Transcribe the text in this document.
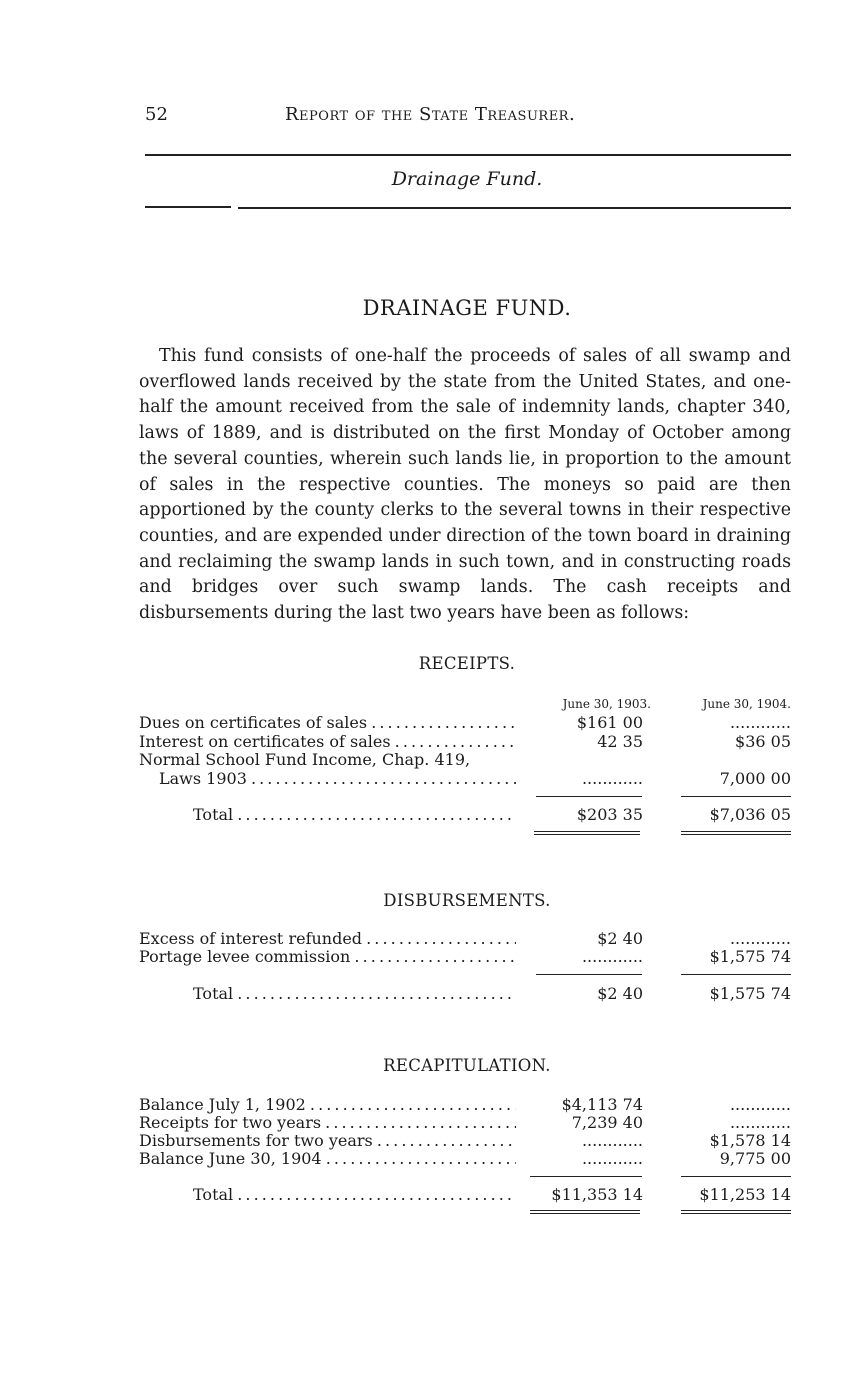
52	Report of the State Treasurer.
Drainage Fund.
DRAINAGE FUND.

This fund consists of one-half the proceeds of sales of all swamp and overflowed lands received by the state from the United States, and one-half the amount received from the sale of indemnity lands, chapter 340, laws of 1889, and is distributed on the first Monday of October among the several counties, wherein such lands lie, in proportion to the amount of sales in the respective counties. The moneys so paid are then apportioned by the county clerks to the several towns in their respective counties, and are expended under direction of the town board in draining and reclaiming the swamp lands in such town, and in constructing roads and bridges over such swamp lands. The cash receipts and disbursements during the last two years have been as follows:

RECEIPTS.
June 30, 1903.	June 30, 1904.
Dues on certificates of sales . . .	$161 00	............
Interest on certificates of sales . . .	42 35	$36 05
Normal School Fund Income, Chap. 419,
Laws 1903 . . .	............	7,000 00
Total . . .	$203 35	$7,036 05
DISBURSEMENTS.
Excess of interest refunded . . .	$2 40	............
Portage levee commission . . .	............	$1,575 74
Total . . .	$2 40	$1,575 74
RECAPITULATION.
Balance July 1, 1902 . . .	$4,113 74	............
Receipts for two years . . .	7,239 40	............
Disbursements for two years . . .	............	$1,578 14
Balance June 30, 1904 . . .	............	9,775 00
Total . . .	$11,353 14	$11,253 14
